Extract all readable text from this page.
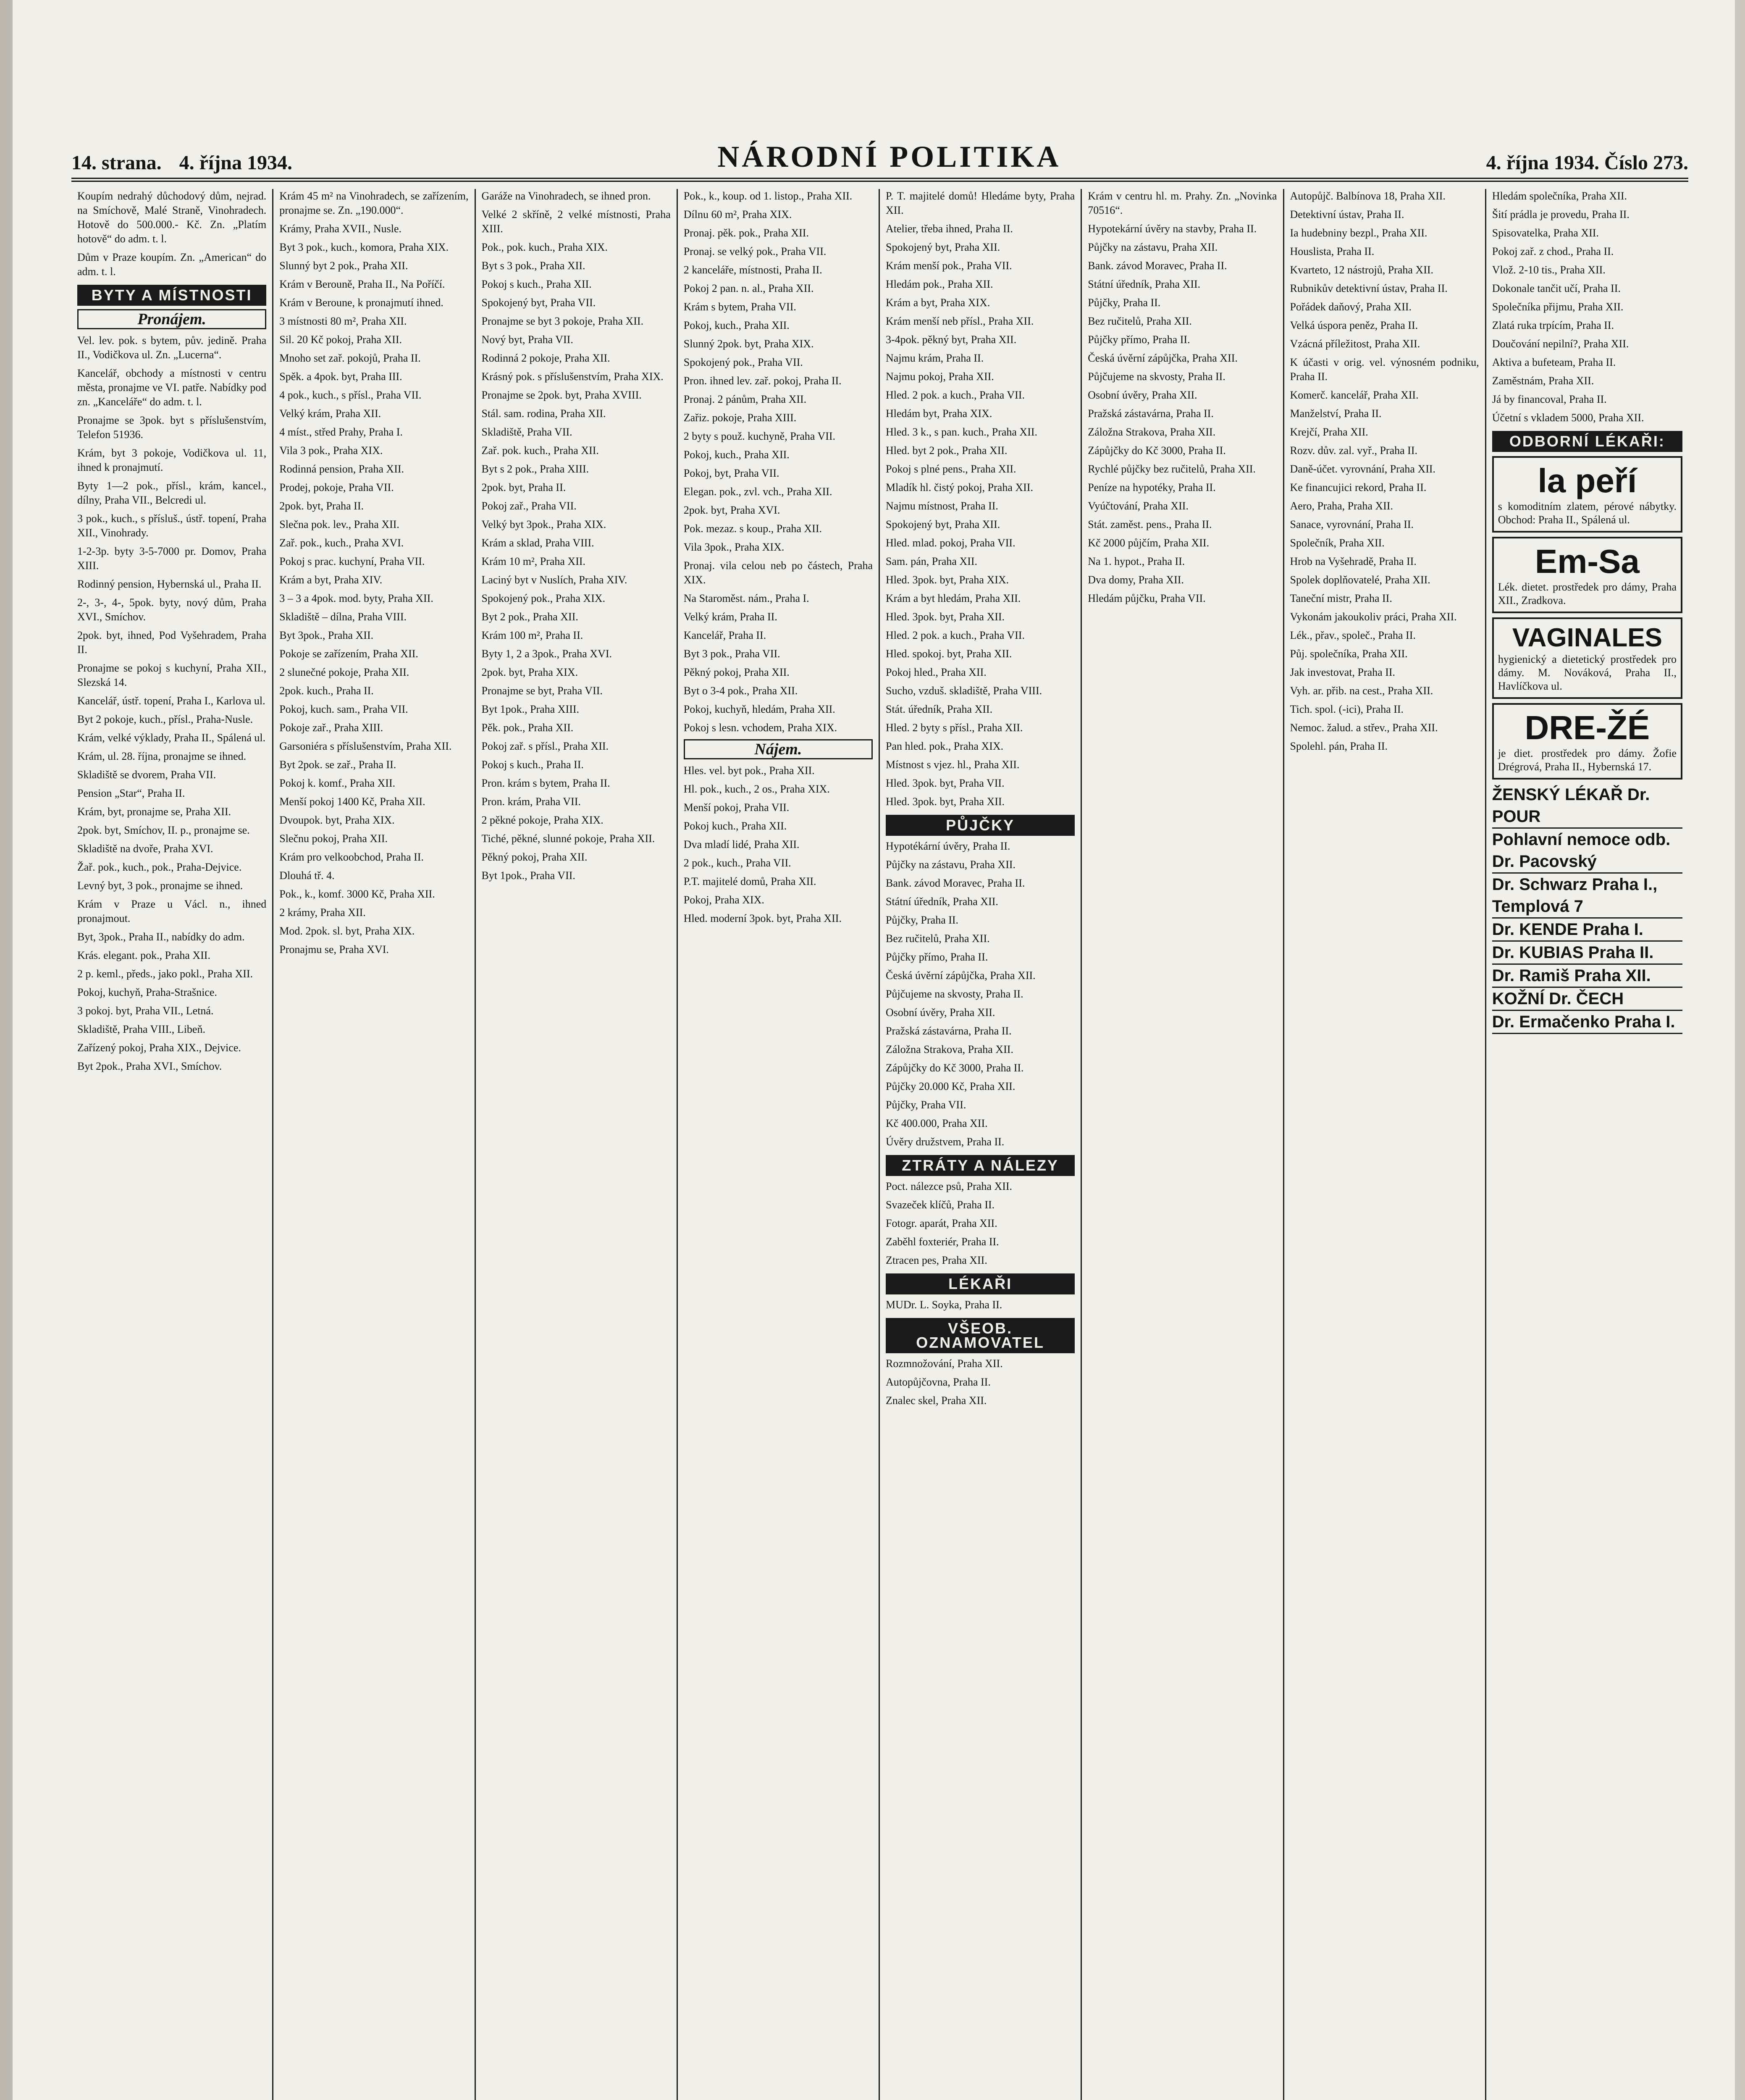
14. strana. 4. října 1934.	NÁRODNÍ POLITIKA	4. října 1934. Číslo 273.
Koupím nedrahý důchodový dům, nejrad. na Smíchově, Malé Straně, Vinohradech. Hotově do 500.000.- Kč. Zn. „Platím hotově“ do adm. t. l.
Dům v Praze koupím. Zn. „American“ do adm. t. l.
BYTY A MÍSTNOSTI
Pronájem.
Vel. lev. pok. s bytem, pův. jedině. Praha II., Vodičkova ul. Zn. „Lucerna“.
Kancelář, obchody a místnosti v centru města, pronajme ve VI. patře. Nabídky pod zn. „Kanceláře“ do adm. t. l.
Pronajme se 3pok. byt s příslušenstvím, Telefon 51936.
Krám, byt 3 pokoje, Vodičkova ul. 11, ihned k pronajmutí.
Byty 1—2 pok., přísl., krám, kancel., dílny, Praha VII., Belcredi ul.
3 pok., kuch., s přísluš., ústř. topení, Praha XII., Vinohrady.
1-2-3p. byty 3-5-7000 pr. Domov, Praha XIII.
Rodinný pension, Hybernská ul., Praha II.
2-, 3-, 4-, 5pok. byty, nový dům, Praha XVI., Smíchov.
2pok. byt, ihned, Pod Vyšehradem, Praha II.
Pronajme se pokoj s kuchyní, Praha XII., Slezská 14.
Kancelář, ústř. topení, Praha I., Karlova ul.
Byt 2 pokoje, kuch., přísl., Praha-Nusle.
Krám, velké výklady, Praha II., Spálená ul.
Krám, ul. 28. října, pronajme se ihned.
Skladiště se dvorem, Praha VII.
Pension „Star“, Praha II.
Krám, byt, pronajme se, Praha XII.
2pok. byt, Smíchov, II. p., pronajme se.
Skladiště na dvoře, Praha XVI.
Žař. pok., kuch., pok., Praha-Dejvice.
Levný byt, 3 pok., pronajme se ihned.
Krám v Praze u Václ. n., ihned pronajmout.
Byt, 3pok., Praha II., nabídky do adm.
Krás. elegant. pok., Praha XII.
2 p. keml., předs., jako pokl., Praha XII.
Pokoj, kuchyň, Praha-Strašnice.
3 pokoj. byt, Praha VII., Letná.
Skladiště, Praha VIII., Libeň.
Zařízený pokoj, Praha XIX., Dejvice.
Byt 2pok., Praha XVI., Smíchov.
Krám 45 m² na Vinohradech, se zařízením, pronajme se. Zn. „190.000“.
Krámy, Praha XVII., Nusle.
Byt 3 pok., kuch., komora, Praha XIX.
Slunný byt 2 pok., Praha XII.
Krám v Berouně, Praha II., Na Poříčí.
Krám v Beroune, k pronajmutí ihned.
3 místnosti 80 m², Praha XII.
Sil. 20 Kč pokoj, Praha XII.
Mnoho set zař. pokojů, Praha II.
Spěk. a 4pok. byt, Praha III.
4 pok., kuch., s přísl., Praha VII.
Velký krám, Praha XII.
4 míst., střed Prahy, Praha I.
Vila 3 pok., Praha XIX.
Rodinná pension, Praha XII.
Prodej, pokoje, Praha VII.
2pok. byt, Praha II.
Slečna pok. lev., Praha XII.
Zař. pok., kuch., Praha XVI.
Pokoj s prac. kuchyní, Praha VII.
Krám a byt, Praha XIV.
3 – 3 a 4pok. mod. byty, Praha XII.
Skladiště – dílna, Praha VIII.
Byt 3pok., Praha XII.
Pokoje se zařízením, Praha XII.
2 slunečné pokoje, Praha XII.
2pok. kuch., Praha II.
Pokoj, kuch. sam., Praha VII.
Pokoje zař., Praha XIII.
Garsoniéra s příslušenstvím, Praha XII.
Byt 2pok. se zař., Praha II.
Pokoj k. komf., Praha XII.
Menší pokoj 1400 Kč, Praha XII.
Dvoupok. byt, Praha XIX.
Slečnu pokoj, Praha XII.
Krám pro velkoobchod, Praha II.
Dlouhá tř. 4.
Pok., k., komf. 3000 Kč, Praha XII.
2 krámy, Praha XII.
Mod. 2pok. sl. byt, Praha XIX.
Pronajmu se, Praha XVI.
Garáže na Vinohradech, se ihned pron.
Velké 2 skříně, 2 velké místnosti, Praha XIII.
Pok., pok. kuch., Praha XIX.
Byt s 3 pok., Praha XII.
Pokoj s kuch., Praha XII.
Spokojený byt, Praha VII.
Pronajme se byt 3 pokoje, Praha XII.
Nový byt, Praha VII.
Rodinná 2 pokoje, Praha XII.
Krásný pok. s příslušenstvím, Praha XIX.
Pronajme se 2pok. byt, Praha XVIII.
Stál. sam. rodina, Praha XII.
Skladiště, Praha VII.
Zař. pok. kuch., Praha XII.
Byt s 2 pok., Praha XIII.
2pok. byt, Praha II.
Pokoj zař., Praha VII.
Velký byt 3pok., Praha XIX.
Krám a sklad, Praha VIII.
Krám 10 m², Praha XII.
Laciný byt v Nuslích, Praha XIV.
Spokojený pok., Praha XIX.
Byt 2 pok., Praha XII.
Krám 100 m², Praha II.
Byty 1, 2 a 3pok., Praha XVI.
2pok. byt, Praha XIX.
Pronajme se byt, Praha VII.
Byt 1pok., Praha XIII.
Pěk. pok., Praha XII.
Pokoj zař. s přísl., Praha XII.
Pokoj s kuch., Praha II.
Pron. krám s bytem, Praha II.
Pron. krám, Praha VII.
2 pěkné pokoje, Praha XIX.
Tiché, pěkné, slunné pokoje, Praha XII.
Pěkný pokoj, Praha XII.
Byt 1pok., Praha VII.
Pok., k., koup. od 1. listop., Praha XII.
Dílnu 60 m², Praha XIX.
Pronaj. pěk. pok., Praha XII.
Pronaj. se velký pok., Praha VII.
2 kanceláře, místnosti, Praha II.
Pokoj 2 pan. n. al., Praha XII.
Krám s bytem, Praha VII.
Pokoj, kuch., Praha XII.
Slunný 2pok. byt, Praha XIX.
Spokojený pok., Praha VII.
Pron. ihned lev. zař. pokoj, Praha II.
Pronaj. 2 pánům, Praha XII.
Zařiz. pokoje, Praha XIII.
2 byty s použ. kuchyně, Praha VII.
Pokoj, kuch., Praha XII.
Pokoj, byt, Praha VII.
Elegan. pok., zvl. vch., Praha XII.
2pok. byt, Praha XVI.
Pok. mezaz. s koup., Praha XII.
Vila 3pok., Praha XIX.
Pronaj. vila celou neb po částech, Praha XIX.
Na Staroměst. nám., Praha I.
Velký krám, Praha II.
Kancelář, Praha II.
Byt 3 pok., Praha VII.
Pěkný pokoj, Praha XII.
Byt o 3-4 pok., Praha XII.
Pokoj, kuchyň, hledám, Praha XII.
Pokoj s lesn. vchodem, Praha XIX.
Nájem.
Hles. vel. byt pok., Praha XII.
Hl. pok., kuch., 2 os., Praha XIX.
Menší pokoj, Praha VII.
Pokoj kuch., Praha XII.
Dva mladí lidé, Praha XII.
2 pok., kuch., Praha VII.
P.T. majitelé domů, Praha XII.
Pokoj, Praha XIX.
Hled. moderní 3pok. byt, Praha XII.
P. T. majitelé domů! Hledáme byty, Praha XII.
Atelier, třeba ihned, Praha II.
Spokojený byt, Praha XII.
Krám menší pok., Praha VII.
Hledám pok., Praha XII.
Krám a byt, Praha XIX.
Krám menší neb přísl., Praha XII.
3-4pok. pěkný byt, Praha XII.
Najmu krám, Praha II.
Najmu pokoj, Praha XII.
Hled. 2 pok. a kuch., Praha VII.
Hledám byt, Praha XIX.
Hled. 3 k., s pan. kuch., Praha XII.
Hled. byt 2 pok., Praha XII.
Pokoj s plné pens., Praha XII.
Mladík hl. čistý pokoj, Praha XII.
Najmu místnost, Praha II.
Spokojený byt, Praha XII.
Hled. mlad. pokoj, Praha VII.
Sam. pán, Praha XII.
Hled. 3pok. byt, Praha XIX.
Krám a byt hledám, Praha XII.
Hled. 3pok. byt, Praha XII.
Hled. 2 pok. a kuch., Praha VII.
Hled. spokoj. byt, Praha XII.
Pokoj hled., Praha XII.
Sucho, vzduš. skladiště, Praha VIII.
Stát. úředník, Praha XII.
Hled. 2 byty s přísl., Praha XII.
Pan hled. pok., Praha XIX.
Místnost s vjez. hl., Praha XII.
Hled. 3pok. byt, Praha VII.
Hled. 3pok. byt, Praha XII.
PŮJČKY
Hypotékární úvěry, Praha II.
Půjčky na zástavu, Praha XII.
Bank. závod Moravec, Praha II.
Státní úředník, Praha XII.
Půjčky, Praha II.
Bez ručitelů, Praha XII.
Půjčky přímo, Praha II.
Česká úvěrní zápůjčka, Praha XII.
Půjčujeme na skvosty, Praha II.
Osobní úvěry, Praha XII.
Pražská zástavárna, Praha II.
Záložna Strakova, Praha XII.
Zápůjčky do Kč 3000, Praha II.
Půjčky 20.000 Kč, Praha XII.
Půjčky, Praha VII.
Kč 400.000, Praha XII.
Úvěry družstvem, Praha II.
ZTRÁTY A NÁLEZY
Poct. nálezce psů, Praha XII.
Svazeček klíčů, Praha II.
Fotogr. aparát, Praha XII.
Zaběhl foxteriér, Praha II.
Ztracen pes, Praha XII.
LÉKAŘI
MUDr. L. Soyka, Praha II.
VŠEOB. OZNAMOVATEL
Rozmnožování, Praha XII.
Autopůjčovna, Praha II.
Znalec skel, Praha XII.
Krám v centru hl. m. Prahy. Zn. „Novinka 70516“.
Hypotekární úvěry na stavby, Praha II.
Půjčky na zástavu, Praha XII.
Bank. závod Moravec, Praha II.
Státní úředník, Praha XII.
Půjčky, Praha II.
Bez ručitelů, Praha XII.
Půjčky přímo, Praha II.
Česká úvěrní zápůjčka, Praha XII.
Půjčujeme na skvosty, Praha II.
Osobní úvěry, Praha XII.
Pražská zástavárna, Praha II.
Záložna Strakova, Praha XII.
Zápůjčky do Kč 3000, Praha II.
Rychlé půjčky bez ručitelů, Praha XII.
Peníze na hypotéky, Praha II.
Vyúčtování, Praha XII.
Stát. zaměst. pens., Praha II.
Kč 2000 půjčím, Praha XII.
Na 1. hypot., Praha II.
Dva domy, Praha XII.
Hledám půjčku, Praha VII.
Autopůjč. Balbínova 18, Praha XII.
Detektivní ústav, Praha II.
Ia hudebniny bezpl., Praha XII.
Houslista, Praha II.
Kvarteto, 12 nástrojů, Praha XII.
Rubnikův detektivní ústav, Praha II.
Pořádek daňový, Praha XII.
Velká úspora peněz, Praha II.
Vzácná příležitost, Praha XII.
K účasti v orig. vel. výnosném podniku, Praha II.
Komerč. kancelář, Praha XII.
Manželství, Praha II.
Krejčí, Praha XII.
Rozv. dův. zal. vyř., Praha II.
Daně-účet. vyrovnání, Praha XII.
Ke financujici rekord, Praha II.
Aero, Praha, Praha XII.
Sanace, vyrovnání, Praha II.
Společník, Praha XII.
Hrob na Vyšehradě, Praha II.
Spolek doplňovatelé, Praha XII.
Taneční mistr, Praha II.
Vykonám jakoukoliv práci, Praha XII.
Lék., přav., společ., Praha II.
Půj. společníka, Praha XII.
Jak investovat, Praha II.
Vyh. ar. přib. na cest., Praha XII.
Tich. spol. (-ici), Praha II.
Nemoc. žalud. a střev., Praha XII.
Spolehl. pán, Praha II.
Hledám společníka, Praha XII.
Šití prádla je provedu, Praha II.
Spisovatelka, Praha XII.
Pokoj zař. z chod., Praha II.
Vlož. 2-10 tis., Praha XII.
Dokonale tančit učí, Praha II.
Společníka přijmu, Praha XII.
Zlatá ruka trpícím, Praha II.
Doučování nepilní?, Praha XII.
Aktiva a bufeteam, Praha II.
Zaměstnám, Praha XII.
Já by financoval, Praha II.
Účetní s vkladem 5000, Praha XII.
ODBORNÍ LÉKAŘI:
la peří
s komoditním zlatem, pérové nábytky. Obchod: Praha II., Spálená ul.
Em-Sa
Lék. dietet. prostředek pro dámy, Praha XII., Zradkova.
VAGINALES
hygienický a dietetický prostředek pro dámy. M. Nováková, Praha II., Havlíčkova ul.
DRE-ŽÉ
je diet. prostředek pro dámy. Žofie Drégrová, Praha II., Hybernská 17.
ŽENSKÝ LÉKAŘ Dr. POUR
Pohlavní nemoce odb. Dr. Pacovský
Dr. Schwarz Praha I., Templová 7
Dr. KENDE Praha I.
Dr. KUBIAS Praha II.
Dr. Ramiš Praha XII.
KOŽNÍ Dr. ČECH
Dr. Ermačenko Praha I.
